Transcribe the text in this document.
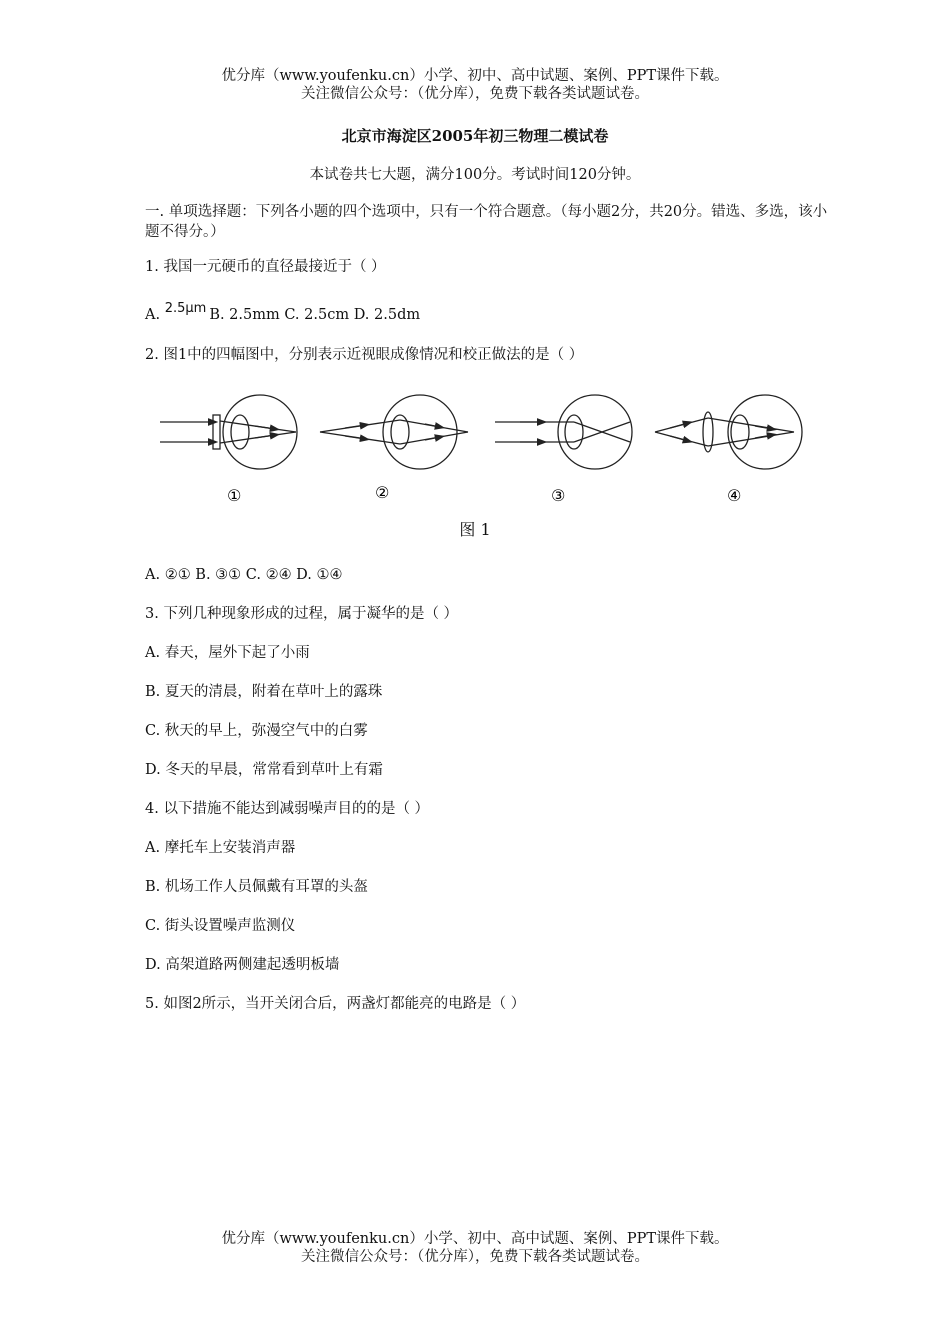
优分库（www.youfenku.cn）小学、初中、高中试题、案例、PPT课件下载。
关注微信公众号：（优分库），免费下载各类试题试卷。
北京市海淀区2005年初三物理二模试卷
本试卷共七大题，满分100分。考试时间120分钟。
一. 单项选择题：下列各小题的四个选项中，只有一个符合题意。（每小题2分，共20分。错选、多选，该小题不得分。）
1. 我国一元硬币的直径最接近于（ ）
A. 2.5μm B. 2.5mm C. 2.5cm D. 2.5dm
2. 图1中的四幅图中，分别表示近视眼成像情况和校正做法的是（ ）
①	②	③	④
图 1
A. ②① B. ③① C. ②④ D. ①④
3. 下列几种现象形成的过程，属于凝华的是（ ）
A. 春天，屋外下起了小雨
B. 夏天的清晨，附着在草叶上的露珠
C. 秋天的早上，弥漫空气中的白雾
D. 冬天的早晨，常常看到草叶上有霜
4. 以下措施不能达到减弱噪声目的的是（ ）
A. 摩托车上安装消声器
B. 机场工作人员佩戴有耳罩的头盔
C. 街头设置噪声监测仪
D. 高架道路两侧建起透明板墙
5. 如图2所示，当开关闭合后，两盏灯都能亮的电路是（ ）
优分库（www.youfenku.cn）小学、初中、高中试题、案例、PPT课件下载。
关注微信公众号：（优分库），免费下载各类试题试卷。
